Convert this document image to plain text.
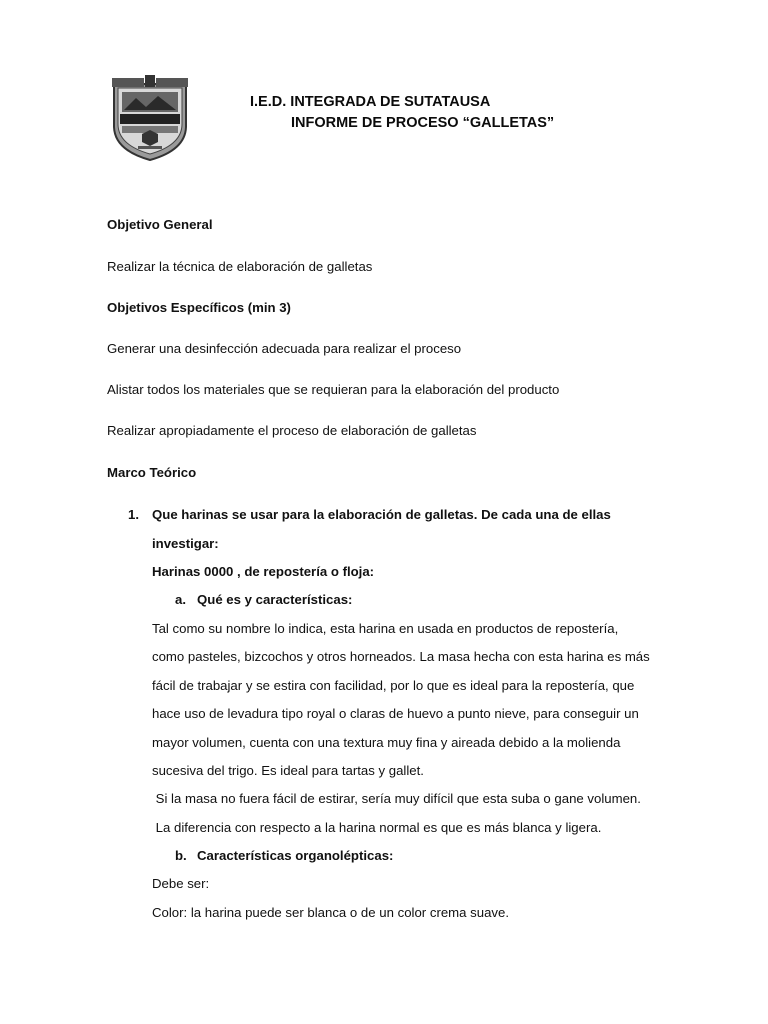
I.E.D. INTEGRADA DE SUTATAUSA
INFORME DE PROCESO “GALLETAS”
Objetivo General
Realizar la técnica de elaboración de galletas
Objetivos Específicos (min 3)
Generar una desinfección adecuada para realizar el proceso
Alistar todos los materiales que se requieran para la elaboración del producto
Realizar apropiadamente el proceso de elaboración de galletas
Marco Teórico
1. Que harinas se usar para la elaboración de galletas. De cada una de ellas
investigar:
Harinas 0000 , de repostería o floja:
a. Qué es y características:
Tal como su nombre lo indica, esta harina en usada en productos de repostería,
como pasteles, bizcochos y otros horneados. La masa hecha con esta harina es más
fácil de trabajar y se estira con facilidad, por lo que es ideal para la repostería, que
hace uso de levadura tipo royal o claras de huevo a punto nieve, para conseguir un
mayor volumen, cuenta con una textura muy fina y aireada debido a la molienda
sucesiva del trigo. Es ideal para tartas y gallet.
Si la masa no fuera fácil de estirar, sería muy difícil que esta suba o gane volumen.
La diferencia con respecto a la harina normal es que es más blanca y ligera.
b. Características organolépticas:
Debe ser:
Color: la harina puede ser blanca o de un color crema suave.
